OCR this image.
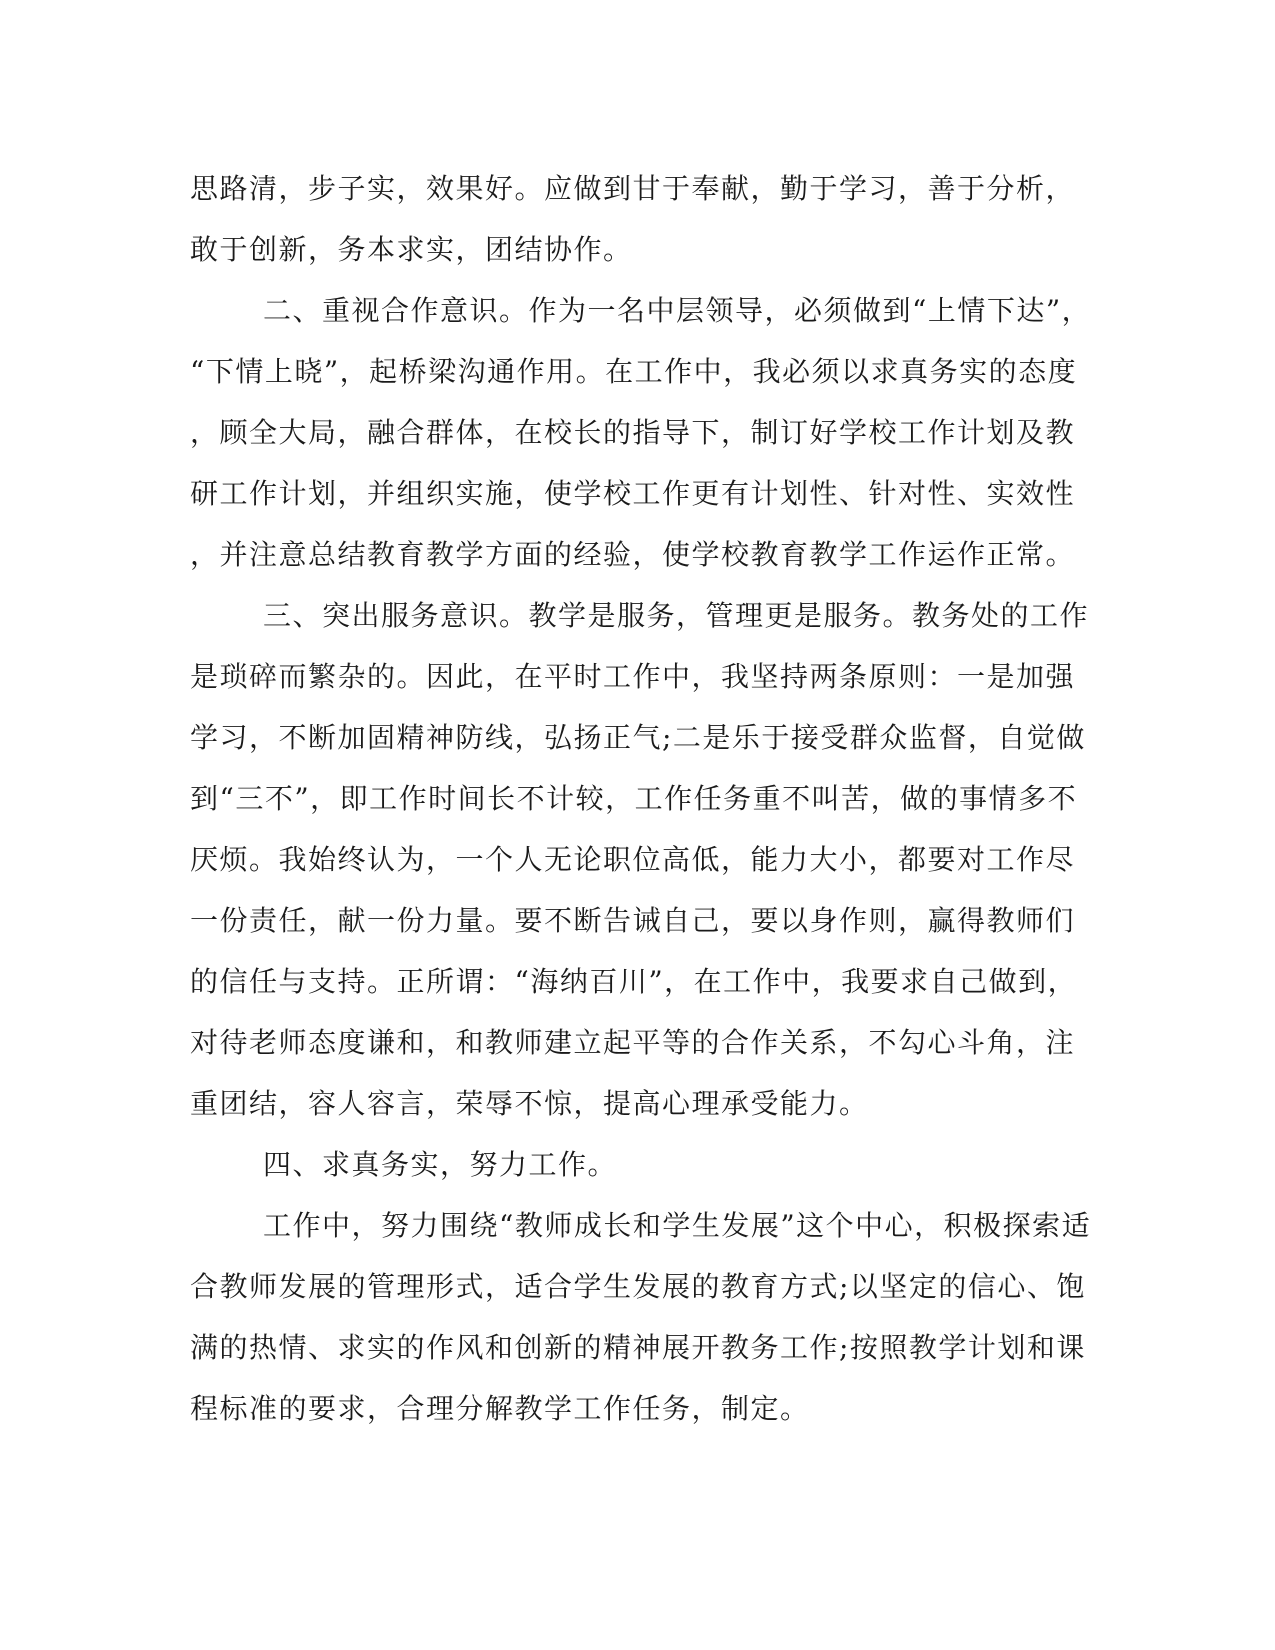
思路清，步子实，效果好。应做到甘于奉献，勤于学习，善于分析，
敢于创新，务本求实，团结协作。
二、重视合作意识。作为一名中层领导，必须做到“上情下达”，
“下情上晓”，起桥梁沟通作用。在工作中，我必须以求真务实的态度
，顾全大局，融合群体，在校长的指导下，制订好学校工作计划及教
研工作计划，并组织实施，使学校工作更有计划性、针对性、实效性
，并注意总结教育教学方面的经验，使学校教育教学工作运作正常。
三、突出服务意识。教学是服务，管理更是服务。教务处的工作
是琐碎而繁杂的。因此，在平时工作中，我坚持两条原则：一是加强
学习，不断加固精神防线，弘扬正气;二是乐于接受群众监督，自觉做
到“三不”，即工作时间长不计较，工作任务重不叫苦，做的事情多不
厌烦。我始终认为，一个人无论职位高低，能力大小，都要对工作尽
一份责任，献一份力量。要不断告诫自己，要以身作则，赢得教师们
的信任与支持。正所谓：“海纳百川”，在工作中，我要求自己做到，
对待老师态度谦和，和教师建立起平等的合作关系，不勾心斗角，注
重团结，容人容言，荣辱不惊，提高心理承受能力。
四、求真务实，努力工作。
工作中，努力围绕“教师成长和学生发展”这个中心，积极探索适
合教师发展的管理形式，适合学生发展的教育方式;以坚定的信心、饱
满的热情、求实的作风和创新的精神展开教务工作;按照教学计划和课
程标准的要求，合理分解教学工作任务，制定。
